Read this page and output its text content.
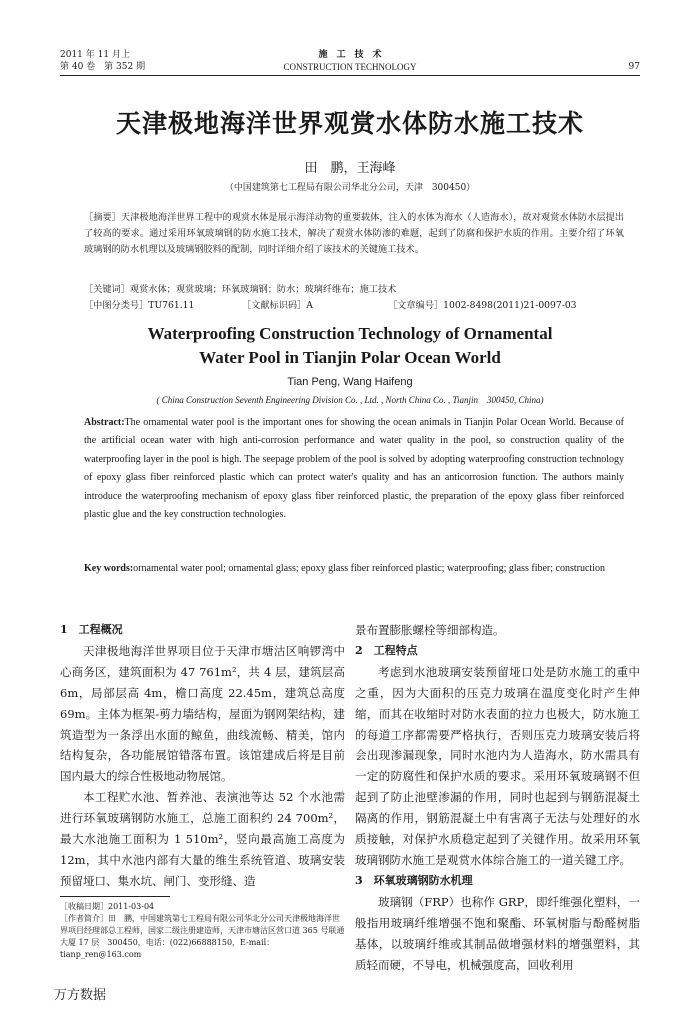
2011 年 11 月上
第 40 卷　第 352 期
施　工　技　术
CONSTRUCTION TECHNOLOGY	97
天津极地海洋世界观赏水体防水施工技术
田　鹏，王海峰
（中国建筑第七工程局有限公司华北分公司，天津　300450）
［摘要］天津极地海洋世界工程中的观赏水体是展示海洋动物的重要载体，注入的水体为海水（人造海水），故对观赏水体防水层提出了较高的要求。通过采用环氧玻璃钢的防水施工技术，解决了观赏水体防渗的难题，起到了防腐和保护水质的作用。主要介绍了环氧玻璃钢的防水机理以及玻璃钢胶料的配制，同时详细介绍了该技术的关键施工技术。
［关键词］观赏水体；观赏玻璃；环氧玻璃钢；防水；玻璃纤维布；施工技术
［中图分类号］TU761.11	［文献标识码］A	［文章编号］1002-8498(2011)21-0097-03
Waterproofing Construction Technology of Ornamental
Water Pool in Tianjin Polar Ocean World
Tian Peng, Wang Haifeng
( China Construction Seventh Engineering Division Co. , Ltd. , North China Co. , Tianjin　300450, China)
Abstract:The ornamental water pool is the important ones for showing the ocean animals in Tianjin Polar Ocean World. Because of the artificial ocean water with high anti-corrosion performance and water quality in the pool, so construction quality of the waterproofing layer in the pool is high. The seepage problem of the pool is solved by adopting waterproofing construction technology of epoxy glass fiber reinforced plastic which can protect water's quality and has an anticorrosion function. The authors mainly introduce the waterproofing mechanism of epoxy glass fiber reinforced plastic, the preparation of the epoxy glass fiber reinforced plastic glue and the key construction technologies.
Key words:ornamental water pool; ornamental glass; epoxy glass fiber reinforced plastic; waterproofing; glass fiber; construction

1　工程概况

天津极地海洋世界项目位于天津市塘沽区响锣湾中心商务区，建筑面积为 47 761m²，共 4 层，建筑层高 6m，局部层高 4m，檐口高度 22.45m，建筑总高度 69m。主体为框架-剪力墙结构，屋面为钢网架结构，建筑造型为一条浮出水面的鲸鱼，曲线流畅、精美，馆内结构复杂，各功能展馆错落布置。该馆建成后将是目前国内最大的综合性极地动物展馆。

本工程贮水池、暂养池、表演池等达 52 个水池需进行环氧玻璃钢防水施工，总施工面积约 24 700m²，最大水池施工面积为 1 510m²，竖向最高施工高度为 12m，其中水池内部有大量的维生系统管道、玻璃安装预留垭口、集水坑、闸门、变形缝、造

［收稿日期］2011-03-04
［作者简介］田　鹏，中国建筑第七工程局有限公司华北分公司天津极地海洋世界项目经理部总工程师，国家二级注册建造师，天津市塘沽区营口道 365 号联通大厦 17 层　300450，电话：(022)66888150，E-mail：tianp_ren@163.com

景布置膨胀螺栓等细部构造。

2　工程特点

考虑到水池玻璃安装预留垭口处是防水施工的重中之重，因为大面积的压克力玻璃在温度变化时产生伸缩，而其在收缩时对防水表面的拉力也极大，防水施工的每道工序都需要严格执行，否则压克力玻璃安装后将会出现渗漏现象，同时水池内为人造海水，防水需具有一定的防腐性和保护水质的要求。采用环氧玻璃钢不但起到了防止池壁渗漏的作用，同时也起到与钢筋混凝土隔离的作用，钢筋混凝土中有害离子无法与处理好的水质接触，对保护水质稳定起到了关键作用。故采用环氧玻璃钢防水施工是观赏水体综合施工的一道关键工序。

3　环氧玻璃钢防水机理

玻璃钢（FRP）也称作 GRP，即纤维强化塑料，一般指用玻璃纤维增强不饱和聚酯、环氧树脂与酚醛树脂基体，以玻璃纤维或其制品做增强材料的增强塑料，其质轻而硬，不导电，机械强度高，回收利用

万方数据
